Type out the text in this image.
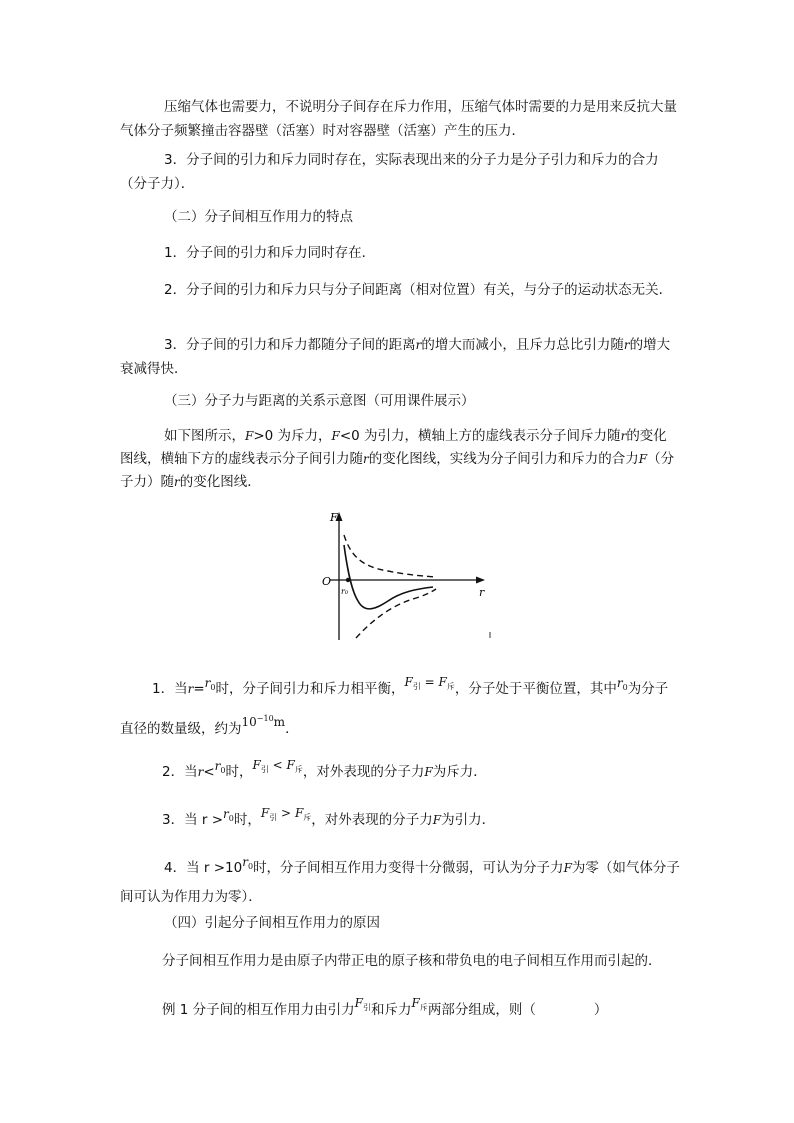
压缩气体也需要力，不说明分子间存在斥力作用，压缩气体时需要的力是用来反抗大量气体分子频繁撞击容器壁（活塞）时对容器壁（活塞）产生的压力．
3．分子间的引力和斥力同时存在，实际表现出来的分子力是分子引力和斥力的合力（分子力）．
（二）分子间相互作用力的特点
1．分子间的引力和斥力同时存在．
2．分子间的引力和斥力只与分子间距离（相对位置）有关，与分子的运动状态无关．
3．分子间的引力和斥力都随分子间的距离r的增大而减小，且斥力总比引力随r的增大衰减得快．
（三）分子力与距离的关系示意图（可用课件展示）
如下图所示，F>0 为斥力，F<0 为引力，横轴上方的虚线表示分子间斥力随r的变化图线，横轴下方的虚线表示分子间引力随r的变化图线，实线为分子间引力和斥力的合力F（分子力）随r的变化图线．
F
O
r
r₀
1．当$r=r_0$时，分子间引力和斥力相平衡，$F_引 = F_斥$，分子处于平衡位置，其中$r_0$为分子直径的数量级，约为$10^{-10}m$．
2．当$r<r_0$时，$F_引 < F_斥$，对外表现的分子力F为斥力．
3．当 $r >r_0$时，$F_引 > F_斥$，对外表现的分子力F为引力．
4．当 $r >10r_0$时，分子间相互作用力变得十分微弱，可认为分子力F为零（如气体分子间可认为作用力为零）．
（四）引起分子间相互作用力的原因
分子间相互作用力是由原子内带正电的原子核和带负电的电子间相互作用而引起的．
例 1 分子间的相互作用力由引力$F_引$和斥力$F_斥$两部分组成，则（	）
